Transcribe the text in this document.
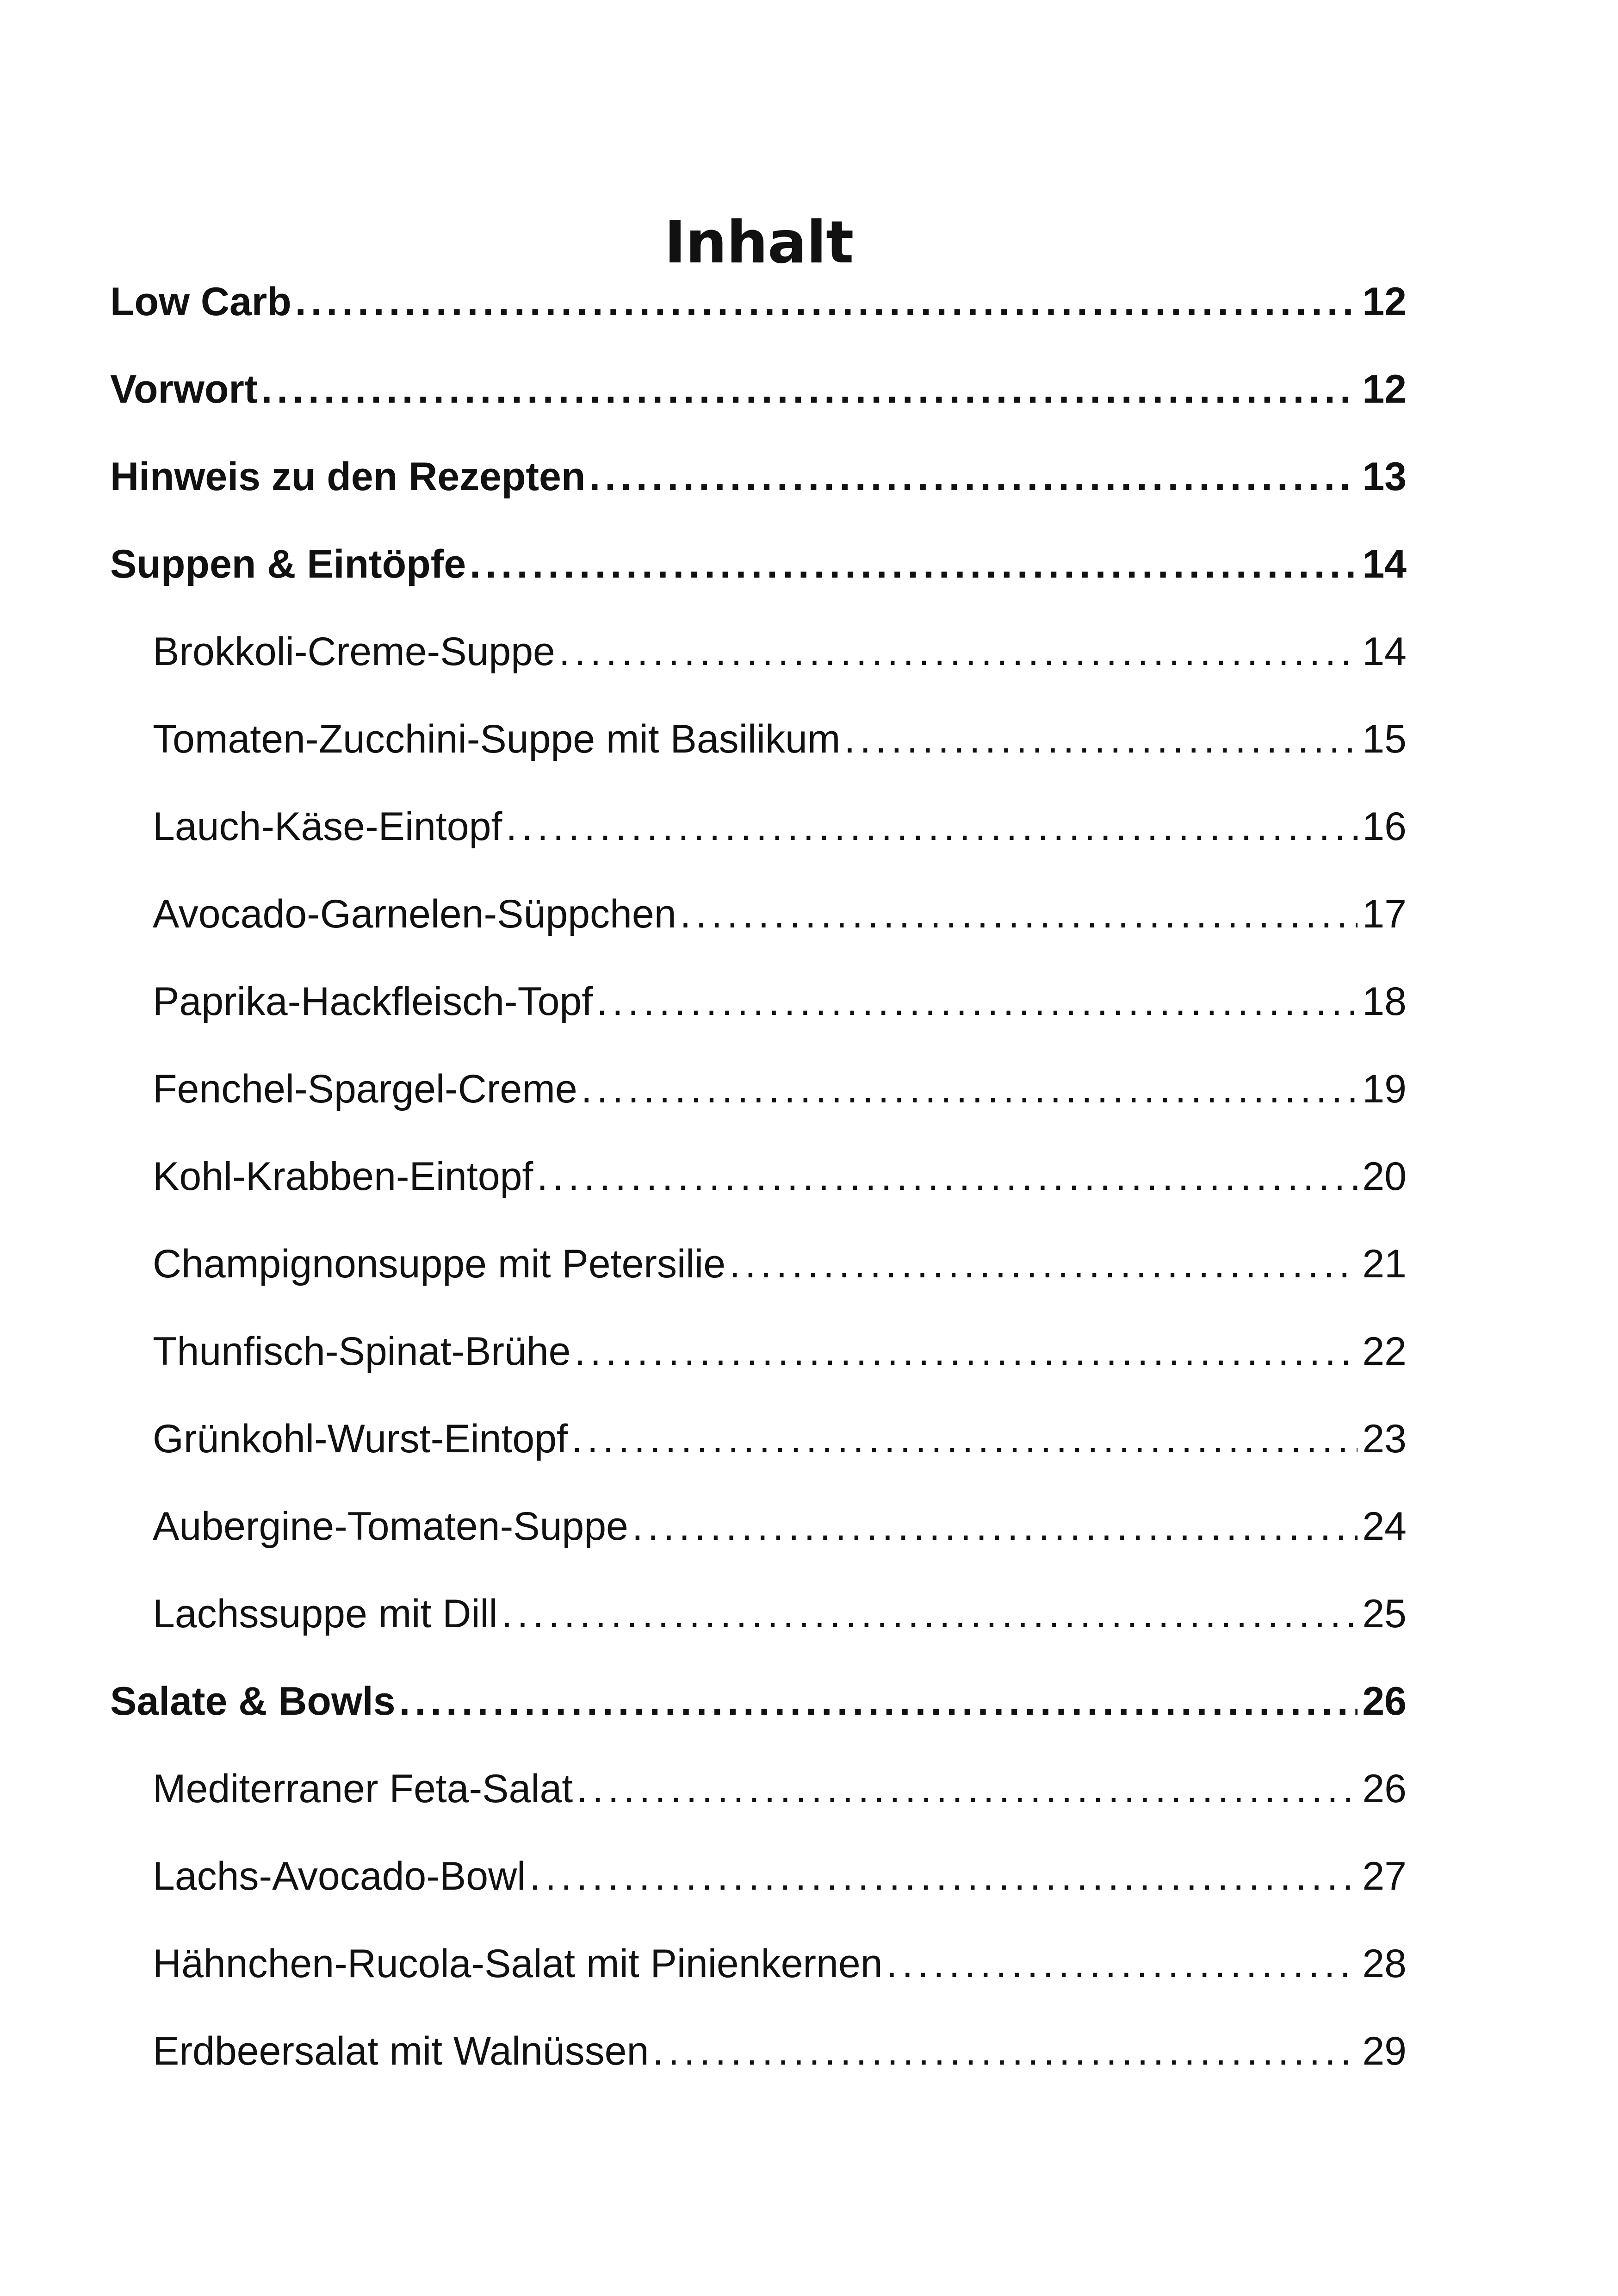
Inhalt
Low Carb . . .	12
Vorwort . . .	12
Hinweis zu den Rezepten . . .	13
Suppen & Eintöpfe . . .	14
Brokkoli-Creme-Suppe . . .	14
Tomaten-Zucchini-Suppe mit Basilikum . . .	15
Lauch-Käse-Eintopf . . .	16
Avocado-Garnelen-Süppchen . . .	17
Paprika-Hackfleisch-Topf . . .	18
Fenchel-Spargel-Creme . . .	19
Kohl-Krabben-Eintopf . . .	20
Champignonsuppe mit Petersilie . . .	21
Thunfisch-Spinat-Brühe . . .	22
Grünkohl-Wurst-Eintopf . . .	23
Aubergine-Tomaten-Suppe . . .	24
Lachssuppe mit Dill . . .	25
Salate & Bowls . . .	26
Mediterraner Feta-Salat . . .	26
Lachs-Avocado-Bowl . . .	27
Hähnchen-Rucola-Salat mit Pinienkernen . . .	28
Erdbeersalat mit Walnüssen . . .	29
